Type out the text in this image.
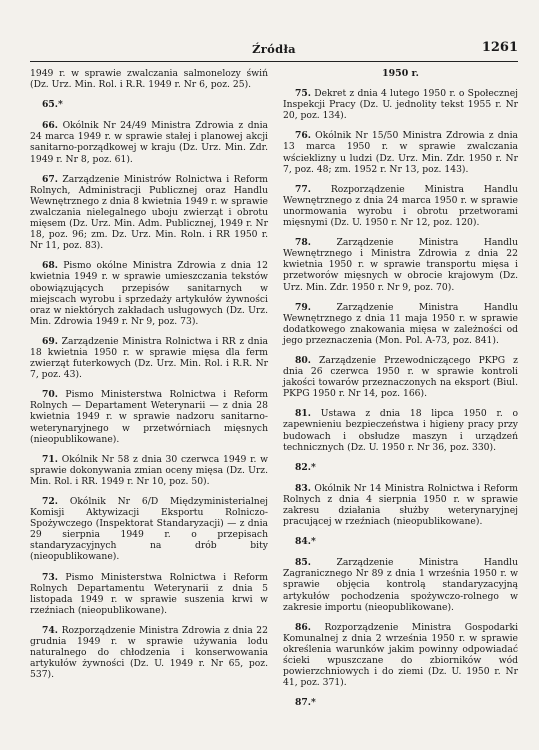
Źródła	1261
1949 r. w sprawie zwalczania salmonelozy świń (Dz. Urz. Min. Rol. i R.R. 1949 r. Nr 6, poz. 25).
65.*
66. Okólnik Nr 24/49 Ministra Zdrowia z dnia 24 marca 1949 r. w sprawie stałej i planowej akcji sanitarno-porządkowej w kraju (Dz. Urz. Min. Zdr. 1949 r. Nr 8, poz. 61).
67. Zarządzenie Ministrów Rolnictwa i Reform Rolnych, Administracji Publicznej oraz Handlu Wewnętrznego z dnia 8 kwietnia 1949 r. w sprawie zwalczania nielegalnego uboju zwierząt i obrotu mięsem (Dz. Urz. Min. Adm. Publicznej, 1949 r. Nr 18, poz. 96; zm. Dz. Urz. Min. Roln. i RR 1950 r. Nr 11, poz. 83).
68. Pismo okólne Ministra Zdrowia z dnia 12 kwietnia 1949 r. w sprawie umieszczania tekstów obowiązujących przepisów sanitarnych w miejscach wyrobu i sprzedaży artykułów żywności oraz w niektórych zakładach usługowych (Dz. Urz. Min. Zdrowia 1949 r. Nr 9, poz. 73).
69. Zarządzenie Ministra Rolnictwa i RR z dnia 18 kwietnia 1950 r. w sprawie mięsa dla ferm zwierząt futerkowych (Dz. Urz. Min. Rol. i R.R. Nr 7, poz. 43).
70. Pismo Ministerstwa Rolnictwa i Reform Rolnych — Departament Weterynarii — z dnia 28 kwietnia 1949 r. w sprawie nadzoru sanitarno-weterynaryjnego w przetwórniach mięsnych (nieopublikowane).
71. Okólnik Nr 58 z dnia 30 czerwca 1949 r. w sprawie dokonywania zmian oceny mięsa (Dz. Urz. Min. Rol. i RR. 1949 r. Nr 10, poz. 50).
72. Okólnik Nr 6/D Międzyministerialnej Komisji Aktywizacji Eksportu Rolniczo-Spożywczego (Inspektorat Standaryzacji) — z dnia 29 sierpnia 1949 r. o przepisach standaryzacyjnych na drób bity (nieopublikowane).
73. Pismo Ministerstwa Rolnictwa i Reform Rolnych Departamentu Weterynarii z dnia 5 listopada 1949 r. w sprawie suszenia krwi w rzeźniach (nieopublikowane).
74. Rozporządzenie Ministra Zdrowia z dnia 22 grudnia 1949 r. w sprawie używania lodu naturalnego do chłodzenia i konserwowania artykułów żywności (Dz. U. 1949 r. Nr 65, poz. 537).
1950 r.
75. Dekret z dnia 4 lutego 1950 r. o Społecznej Inspekcji Pracy (Dz. U. jednolity tekst 1955 r. Nr 20, poz. 134).
76. Okólnik Nr 15/50 Ministra Zdrowia z dnia 13 marca 1950 r. w sprawie zwalczania wścieklizny u ludzi (Dz. Urz. Min. Zdr. 1950 r. Nr 7, poz. 48; zm. 1952 r. Nr 13, poz. 143).
77. Rozporządzenie Ministra Handlu Wewnętrznego z dnia 24 marca 1950 r. w sprawie unormowania wyrobu i obrotu przetworami mięsnymi (Dz. U. 1950 r. Nr 12, poz. 120).
78.	Zarządzenie Ministra Handlu Wewnętrznego i Ministra Zdrowia z dnia 22 kwietnia 1950 r. w sprawie transportu mięsa i przetworów mięsnych w obrocie krajowym (Dz. Urz. Min. Zdr. 1950 r. Nr 9, poz. 70).
79.	Zarządzenie Ministra Handlu Wewnętrznego z dnia 11 maja 1950 r. w sprawie dodatkowego znakowania mięsa w zależności od jego przeznaczenia (Mon. Pol. A-73, poz. 841).
80. Zarządzenie Przewodniczącego PKPG z dnia 26 czerwca 1950 r. w sprawie kontroli jakości towarów przeznaczonych na eksport (Biul. PKPG 1950 r. Nr 14, poz. 166).
81. Ustawa z dnia 18 lipca 1950 r. o zapewnieniu bezpieczeństwa i higieny pracy przy budowach i obsłudze maszyn i urządzeń technicznych (Dz. U. 1950 r. Nr 36, poz. 330).
82.*
83. Okólnik Nr 14 Ministra Rolnictwa i Reform Rolnych z dnia 4 sierpnia 1950 r. w sprawie zakresu działania służby weterynaryjnej pracującej w rzeźniach (nieopublikowane).
84.*
85.	Zarządzenie Ministra Handlu Zagranicznego Nr 89 z dnia 1 września 1950 r. w sprawie objęcia kontrolą standaryzacyjną artykułów pochodzenia spożywczo-rolnego w zakresie importu (nieopublikowane).
86. Rozporządzenie Ministra Gospodarki Komunalnej z dnia 2 września 1950 r. w sprawie określenia warunków jakim powinny odpowiadać ścieki wpuszczane do zbiorników wód powierzchniowych i do ziemi (Dz. U. 1950 r. Nr 41, poz. 371).
87.*
